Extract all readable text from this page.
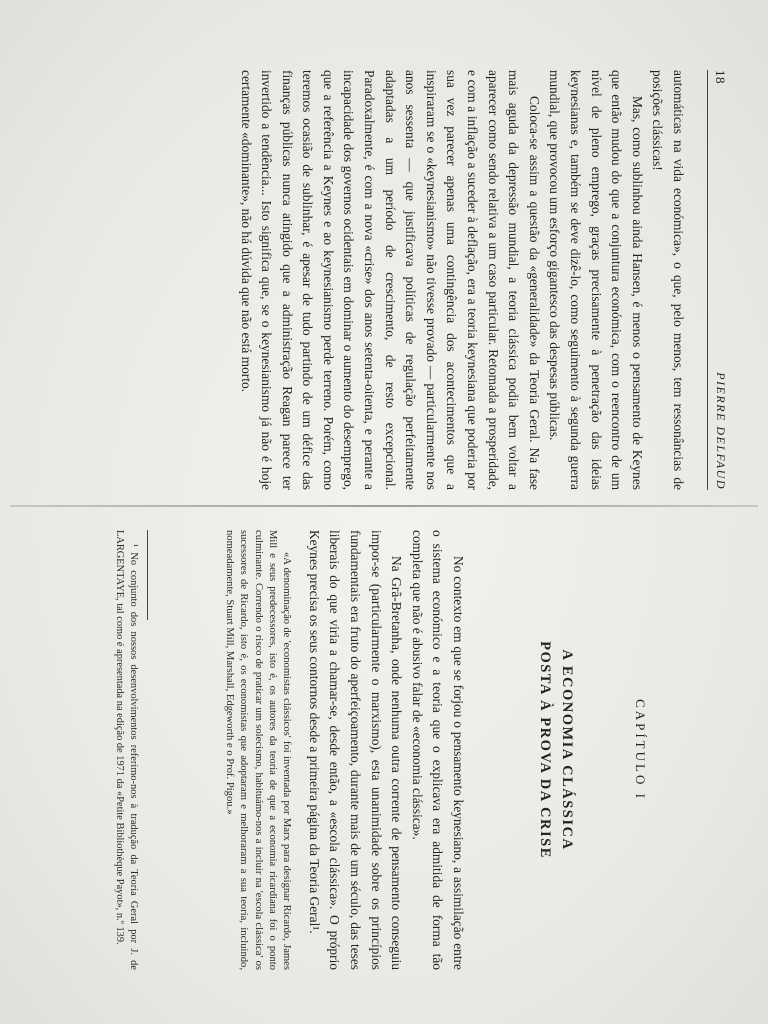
18
PIERRE DELFAUD

automáticas na vida económica», o que, pelo menos, tem ressonâncias de posições clássicas!

Mas, como sublinhou ainda Hansen, é menos o pensamento de Keynes que então mudou do que a conjuntura económica, com o reencontro de um nível de pleno emprego, graças precisamente à penetração das ideias keynesianas e, também se deve dizê-lo, como seguimento à segunda guerra mundial, que provocou um esforço gigantesco das despesas públicas.

Coloca-se assim a questão da «generalidade» da Teoria Geral. Na fase mais aguda da depressão mundial, a teoria clássica podia bem voltar a aparecer como sendo relativa a um caso particular. Retomada a prosperidade, e com a inflação a suceder à deflação, era a teoria keynesiana que poderia por sua vez parecer apenas uma contingência dos acontecimentos que a inspiraram se o «keynesianismo» não tivesse provado — particularmente nos anos sessenta — que justificava políticas de regulação perfeitamente adaptadas a um período de crescimento, de resto excepcional. Paradoxalmente, é com a nova «crise» dos anos setenta-oitenta, e perante a incapacidade dos governos ocidentais em dominar o aumento do desemprego, que a referência a Keynes e ao keynesianismo perde terreno. Porém, como teremos ocasião de sublinhar, é apesar de tudo partindo de um défice das finanças públicas nunca atingido que a administração Reagan parece ter invertido a tendência... Isto significa que, se o keynesianismo já não é hoje certamente «dominante», não há dúvida que não está morto.

CAPÍTULO I
A ECONOMIA CLÁSSICA
POSTA À PROVA DA CRISE

No contexto em que se forjou o pensamento keynesiano, a assimilação entre o sistema económico e a teoria que o explicava era admitida de forma tão completa que não é abusivo falar de «economia clássica».

Na Grã-Bretanha, onde nenhuma outra corrente de pensamento conseguiu impor-se (particularmente o marxismo), esta unanimidade sobre os princípios fundamentais era fruto do aperfeiçoamento, durante mais de um século, das teses liberais do que viria a chamar-se, desde então, a «escola clássica». O próprio Keynes precisa os seus contornos desde a primeira página da Teoria Geral¹.

«A denominação de 'economistas clássicos' foi inventada por Marx para designar Ricardo, James Mill e seus predecessores, isto é, os autores da teoria de que a economia ricardiana foi o ponto culminante. Correndo o risco de praticar um solecismo, habituámo-nos a incluir na 'escola clássica' os sucessores de Ricardo, isto é, os economistas que adoptaram e melhoraram a sua teoria, incluindo, nomeadamente, Stuart Mill, Marshall, Edgeworth e o Prof. Pigou.»

¹ No conjunto dos nossos desenvolvimentos referimo-nos à tradução da Teoria Geral por J. de LARGENTAYE, tal como é apresentada na edição de 1971 da «Petite Bibliothèque Payot», n.º 139.
